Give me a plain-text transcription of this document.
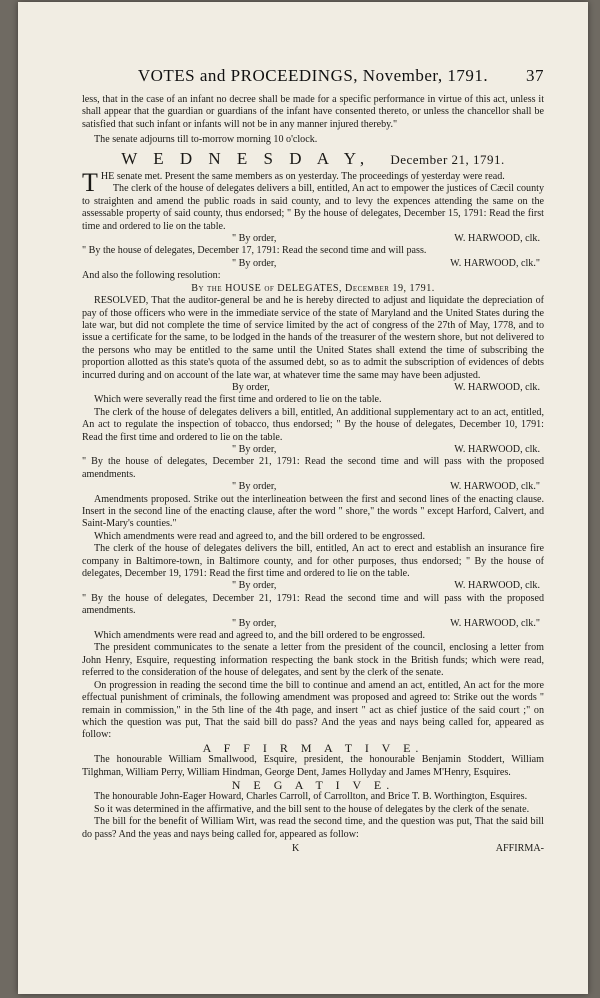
VOTES and PROCEEDINGS, November, 1791. 37

less, that in the case of an infant no decree shall be made for a specific performance in virtue of this act, unless it shall appear that the guardian or guardians of the infant have consented thereto, or unless the chancellor shall be satisfied that such infant or infants will not be in any manner injured thereby."

The senate adjourns till to-morrow morning 10 o'clock.

W E D N E S D A Y, December 21, 1791.

T HE senate met. Present the same members as on yesterday. The proceedings of yesterday were read.

The clerk of the house of delegates delivers a bill, entitled, An act to empower the justices of Cæcil county to straighten and amend the public roads in said county, and to levy the expences attending the same on the assessable property of said county, thus endorsed; " By the house of delegates, December 15, 1791: Read the first time and ordered to lie on the table.

" By order,	W. HARWOOD, clk.

" By the house of delegates, December 17, 1791: Read the second time and will pass.

" By order,	W. HARWOOD, clk."

And also the following resolution:

By the HOUSE of DELEGATES, December 19, 1791.

RESOLVED, That the auditor-general be and he is hereby directed to adjust and liquidate the depreciation of pay of those officers who were in the immediate service of the state of Maryland and the United States during the late war, but did not complete the time of service limited by the act of congress of the 27th of May, 1778, and to issue a certificate for the same, to be lodged in the hands of the treasurer of the western shore, but not delivered to the persons who may be entitled to the same until the United States shall extend the time of subscribing the proportion allotted as this state's quota of the assumed debt, so as to admit the subscription of evidences of debts incurred during and on account of the late war, at whatever time the same may have been adjusted.

By order,	W. HARWOOD, clk.

Which were severally read the first time and ordered to lie on the table.

The clerk of the house of delegates delivers a bill, entitled, An additional supplementary act to an act, entitled, An act to regulate the inspection of tobacco, thus endorsed; " By the house of delegates, December 10, 1791: Read the first time and ordered to lie on the table.

" By order,	W. HARWOOD, clk.

" By the house of delegates, December 21, 1791: Read the second time and will pass with the proposed amendments.

" By order,	W. HARWOOD, clk."

Amendments proposed. Strike out the interlineation between the first and second lines of the enacting clause. Insert in the second line of the enacting clause, after the word " shore," the words " except Harford, Calvert, and Saint-Mary's counties."

Which amendments were read and agreed to, and the bill ordered to be engrossed.

The clerk of the house of delegates delivers the bill, entitled, An act to erect and establish an insurance fire company in Baltimore-town, in Baltimore county, and for other purposes, thus endorsed; " By the house of delegates, December 19, 1791: Read the first time and ordered to lie on the table.

" By order,	W. HARWOOD, clk.

" By the house of delegates, December 21, 1791: Read the second time and will pass with the proposed amendments.

" By order,	W. HARWOOD, clk."

Which amendments were read and agreed to, and the bill ordered to be engrossed.

The president communicates to the senate a letter from the president of the council, enclosing a letter from John Henry, Esquire, requesting information respecting the bank stock in the British funds; which were read, referred to the consideration of the house of delegates, and sent by the clerk of the senate.

On progression in reading the second time the bill to continue and amend an act, entitled, An act for the more effectual punishment of criminals, the following amendment was proposed and agreed to: Strike out the words " remain in commission," in the 5th line of the 4th page, and insert " act as chief justice of the said court ;" on which the question was put, That the said bill do pass? And the yeas and nays being called for, appeared as follow:

A F F I R M A T I V E.

The honourable William Smallwood, Esquire, president, the honourable Benjamin Stoddert, William Tilghman, William Perry, William Hindman, George Dent, James Hollyday and James M'Henry, Esquires.

N E G A T I V E.

The honourable John-Eager Howard, Charles Carroll, of Carrollton, and Brice T. B. Worthington, Esquires.

So it was determined in the affirmative, and the bill sent to the house of delegates by the clerk of the senate.

The bill for the benefit of William Wirt, was read the second time, and the question was put, That the said bill do pass? And the yeas and nays being called for, appeared as follow:

K	AFFIRMA-
